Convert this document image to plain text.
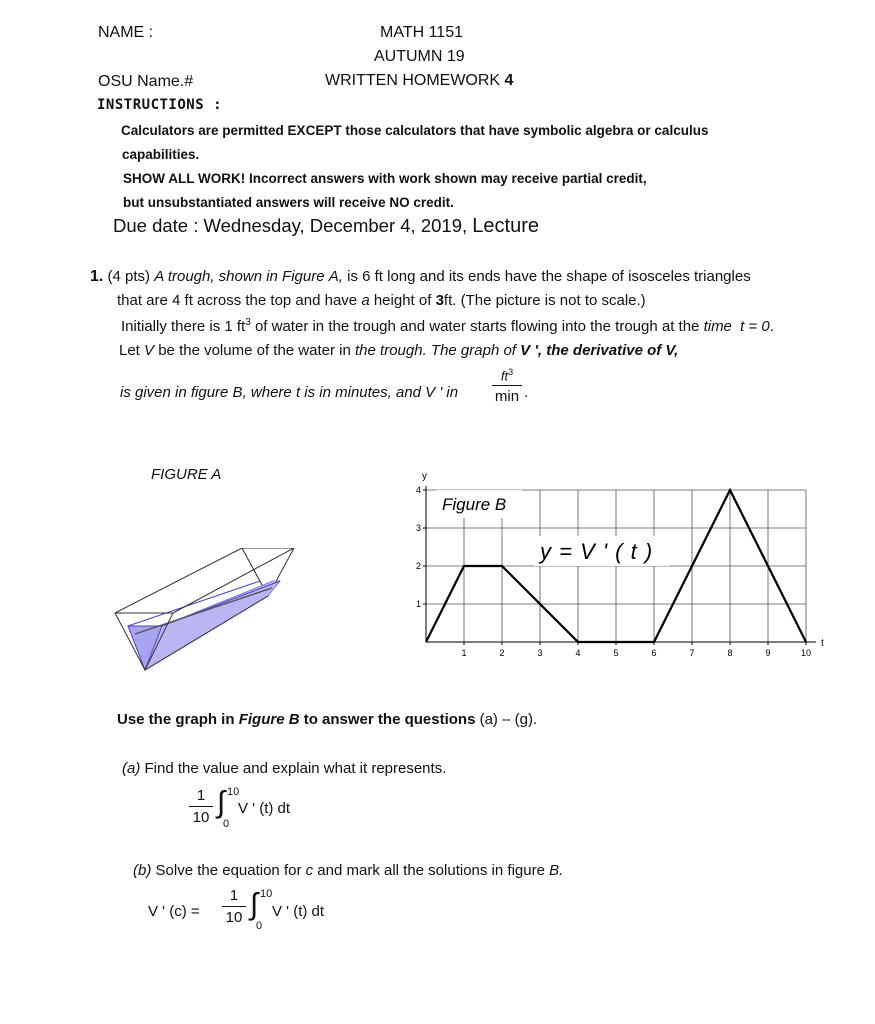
NAME :	MATH 1151
AUTUMN 19
OSU Name.#	WRITTEN HOMEWORK 4
INSTRUCTIONS :
Calculators are permitted EXCEPT those calculators that have symbolic algebra or calculus
capabilities.
SHOW ALL WORK! Incorrect answers with work shown may receive partial credit,
but unsubstantiated answers will receive NO credit.
Due date : Wednesday, December 4, 2019, Lecture
1. (4 pts) A trough, shown in Figure A, is 6 ft long and its ends have the shape of isosceles triangles
that are 4 ft across the top and have a height of 3ft. (The picture is not to scale.)
Initially there is 1 $ft^3$ of water in the trough and water starts flowing into the trough at the time t = 0.
Let V be the volume of the water in the trough. The graph of V ', the derivative of V,
is given in figure B, where t is in minutes, and V ' in
$ft^3$
min .
FIGURE A
1	2	3	4	5	6	7	8	9	10
1
2
3
4
Figure B
y = V ' ( t )
y
t
Use the graph in Figure B to answer the questions (a) – (g).
(a) Find the value and explain what it represents.
1
10 ∫ 10
0
V ' (t) dt
(b) Solve the equation for c and mark all the solutions in figure B.
V ' (c) =
1
10 ∫ 10
0
V ' (t) dt
